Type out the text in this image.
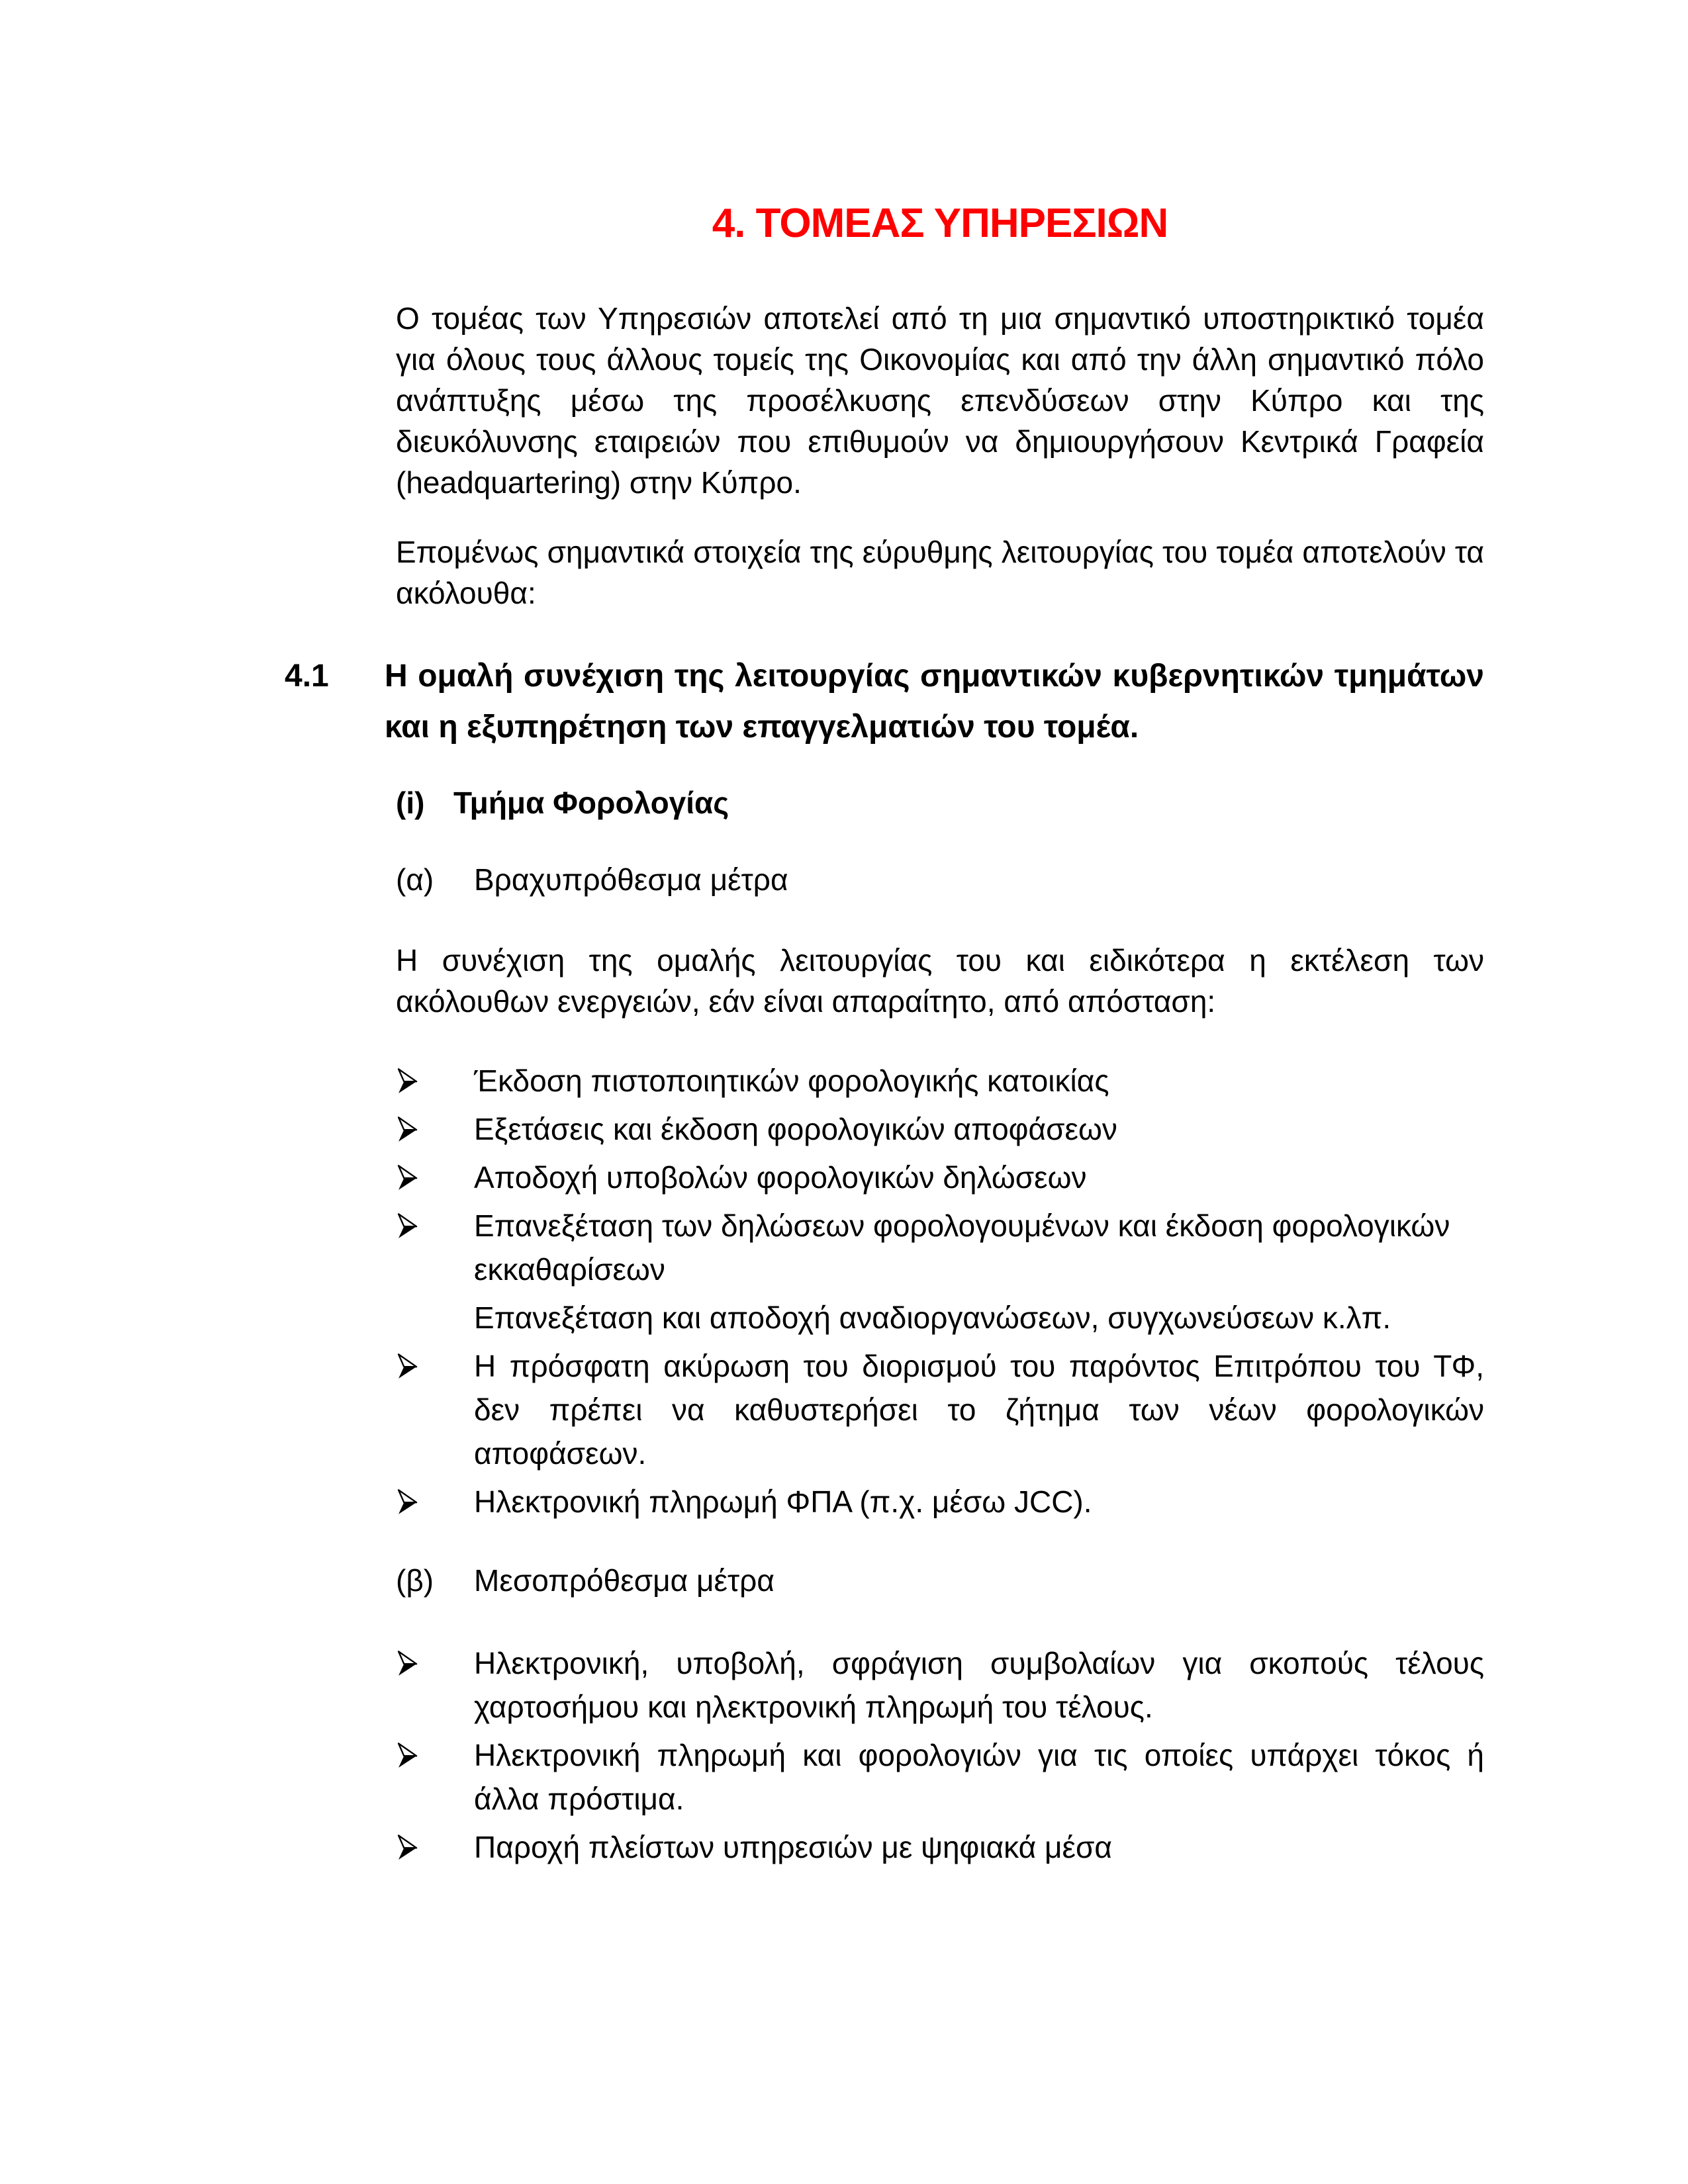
4. ΤΟΜΕΑΣ ΥΠΗΡΕΣΙΩΝ

Ο τομέας των Υπηρεσιών αποτελεί από τη μια σημαντικό υποστηρικτικό τομέα για όλους τους άλλους τομείς της Οικονομίας και από την άλλη σημαντικό πόλο ανάπτυξης μέσω της προσέλκυσης επενδύσεων στην Κύπρο και της διευκόλυνσης εταιρειών που επιθυμούν να δημιουργήσουν Κεντρικά Γραφεία (headquartering) στην Κύπρο.

Επομένως σημαντικά στοιχεία της εύρυθμης λειτουργίας του τομέα αποτελούν τα ακόλουθα:

4.1	Η ομαλή συνέχιση της λειτουργίας σημαντικών κυβερνητικών τμημάτων και η εξυπηρέτηση των επαγγελματιών του τομέα.
(i) Τμήμα Φορολογίας
(α)	Βραχυπρόθεσμα μέτρα

Η συνέχιση της ομαλής λειτουργίας του και ειδικότερα η εκτέλεση των ακόλουθων ενεργειών, εάν είναι απαραίτητο, από απόσταση:

Έκδοση πιστοποιητικών φορολογικής κατοικίας
Εξετάσεις και έκδοση φορολογικών αποφάσεων
Αποδοχή υποβολών φορολογικών δηλώσεων
Επανεξέταση των δηλώσεων φορολογουμένων και έκδοση φορολογικών εκκαθαρίσεων
Επανεξέταση και αποδοχή αναδιοργανώσεων, συγχωνεύσεων κ.λπ.
Η πρόσφατη ακύρωση του διορισμού του παρόντος Επιτρόπου του ΤΦ, δεν πρέπει να καθυστερήσει το ζήτημα των νέων φορολογικών αποφάσεων.
Ηλεκτρονική πληρωμή ΦΠΑ (π.χ. μέσω JCC).
(β)	Μεσοπρόθεσμα μέτρα
Ηλεκτρονική, υποβολή, σφράγιση συμβολαίων για σκοπούς τέλους χαρτοσήμου και ηλεκτρονική πληρωμή του τέλους.
Ηλεκτρονική πληρωμή και φορολογιών για τις οποίες υπάρχει τόκος ή άλλα πρόστιμα.
Παροχή πλείστων υπηρεσιών με ψηφιακά μέσα
